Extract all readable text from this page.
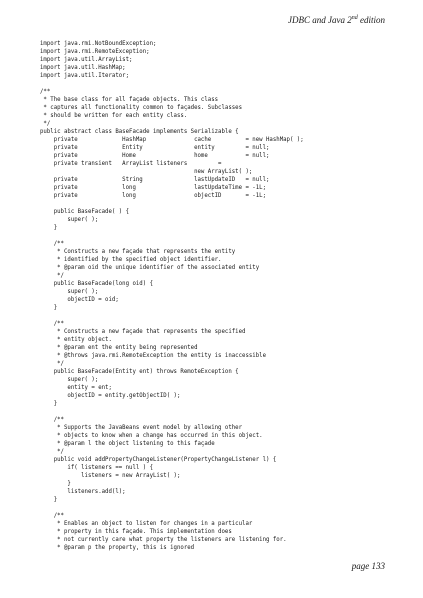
JDBC and Java 2nd edition
import java.rmi.NotBoundException;
import java.rmi.RemoteException;
import java.util.ArrayList;
import java.util.HashMap;
import java.util.Iterator;
/**
* The base class for all façade objects. This class
* captures all functionality common to façades. Subclasses
* should be written for each entity class.
*/
public abstract class BaseFacade implements Serializable {
private             HashMap              cache          = new HashMap( );
private             Entity               entity         = null;
private             Home                 home           = null;
private transient   ArrayList listeners         =
new ArrayList( );
private             String               lastUpdateID   = null;
private             long                 lastUpdateTime = -1L;
private             long                 objectID       = -1L;
public BaseFacade( ) {
super( );
}
/**
* Constructs a new façade that represents the entity
* identified by the specified object identifier.
* @param oid the unique identifier of the associated entity
*/
public BaseFacade(long oid) {
super( );
objectID = oid;
}
/**
* Constructs a new façade that represents the specified
* entity object.
* @param ent the entity being represented
* @throws java.rmi.RemoteException the entity is inaccessible
*/
public BaseFacade(Entity ent) throws RemoteException {
super( );
entity = ent;
objectID = entity.getObjectID( );
}
/**
* Supports the JavaBeans event model by allowing other
* objects to know when a change has occurred in this object.
* @param l the object listening to this façade
*/
public void addPropertyChangeListener(PropertyChangeListener l) {
if( listeners == null ) {
listeners = new ArrayList( );
}
listeners.add(l);
}
/**
* Enables an object to listen for changes in a particular
* property in this façade. This implementation does
* not currently care what property the listeners are listening for.
* @param p the property, this is ignored
page 133
